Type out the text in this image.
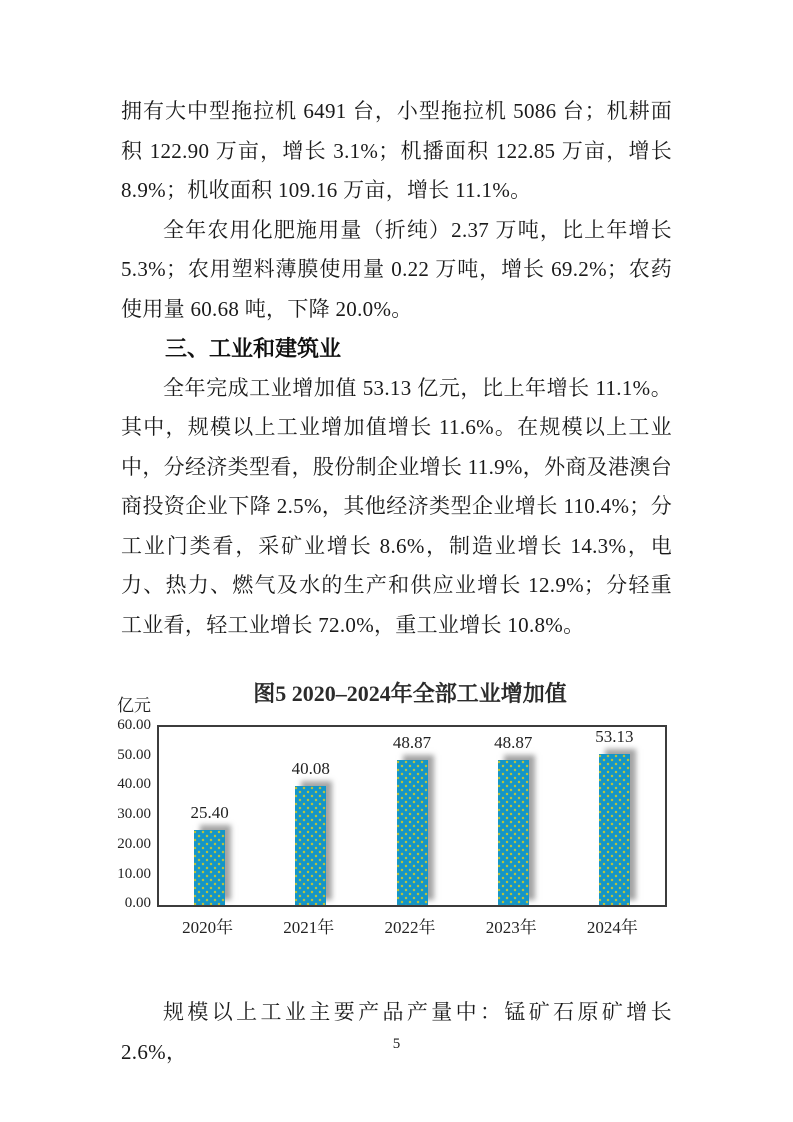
拥有大中型拖拉机 6491 台，小型拖拉机 5086 台；机耕面积 122.90 万亩，增长 3.1%；机播面积 122.85 万亩，增长 8.9%；机收面积 109.16 万亩，增长 11.1%。

全年农用化肥施用量（折纯）2.37 万吨，比上年增长 5.3%；农用塑料薄膜使用量 0.22 万吨，增长 69.2%；农药使用量 60.68 吨，下降 20.0%。

三、工业和建筑业

全年完成工业增加值 53.13 亿元，比上年增长 11.1%。其中，规模以上工业增加值增长 11.6%。在规模以上工业中，分经济类型看，股份制企业增长 11.9%，外商及港澳台商投资企业下降 2.5%，其他经济类型企业增长 110.4%；分工业门类看，采矿业增长 8.6%，制造业增长 14.3%，电力、热力、燃气及水的生产和供应业增长 12.9%；分轻重工业看，轻工业增长 72.0%，重工业增长 10.8%。

图5 2020–2024年全部工业增加值
亿元
60.00
50.00
40.00
30.00
20.00
10.00
0.00
25.40
40.08
48.87	48.87	53.13
2020年	2021年	2022年	2023年	2024年

规模以上工业主要产品产量中：锰矿石原矿增长 2.6%，	5
